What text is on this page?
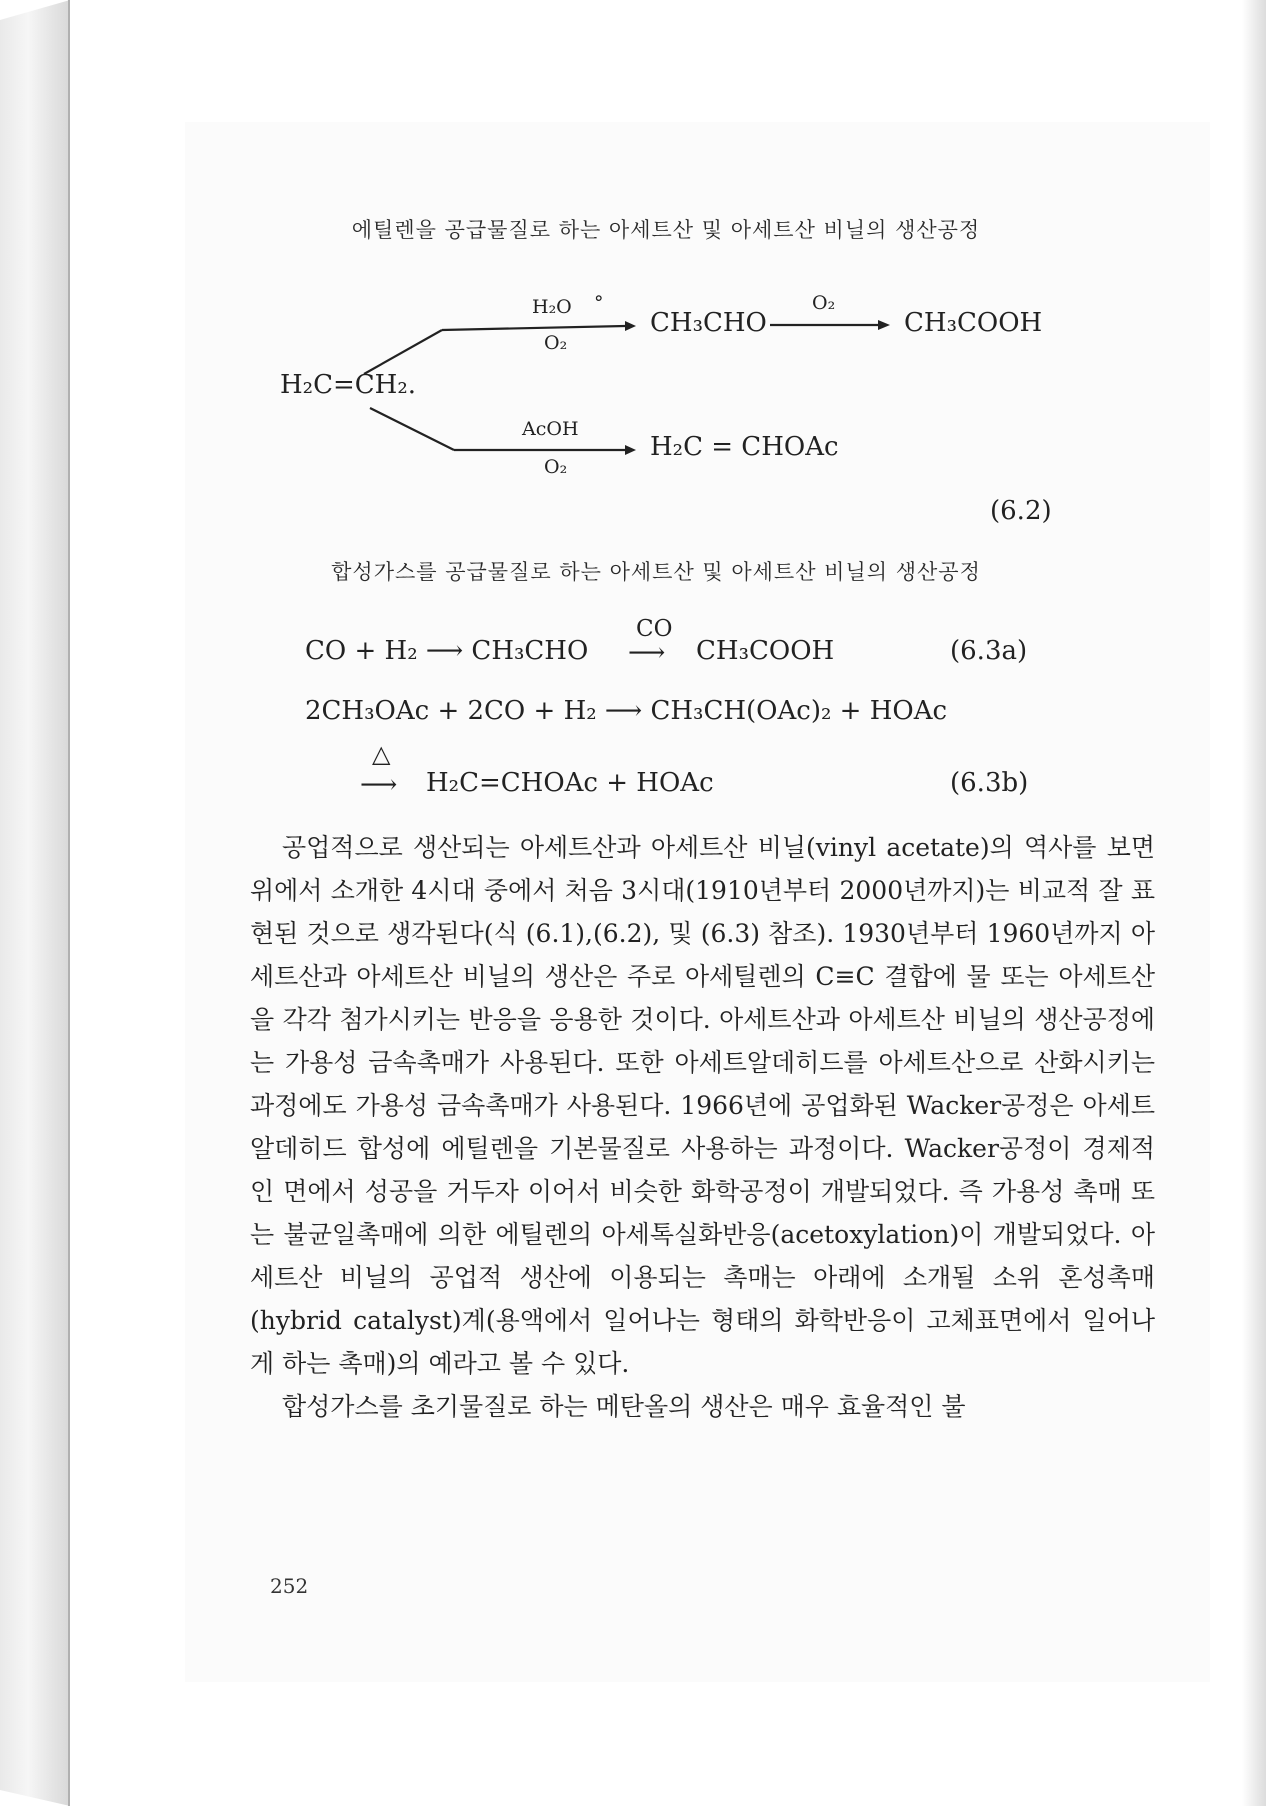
에틸렌을 공급물질로 하는 아세트산 및 아세트산 비닐의 생산공정
H₂C=CH₂.
H₂O °
O₂
CH₃CHO
O₂
CH₃COOH
AcOH
O₂
H₂C = CHOAc
(6.2)
합성가스를 공급물질로 하는 아세트산 및 아세트산 비닐의 생산공정
CO + H₂ ⟶ CH₃CHO
CO
⟶ CH₃COOH	(6.3a)
2CH₃OAc + 2CO + H₂ ⟶ CH₃CH(OAc)₂ + HOAc
△
⟶ H₂C=CHOAc + HOAc	(6.3b)

공업적으로 생산되는 아세트산과 아세트산 비닐(vinyl acetate)의 역사를 보면 위에서 소개한 4시대 중에서 처음 3시대(1910년부터 2000년까지)는 비교적 잘 표현된 것으로 생각된다(식 (6.1),(6.2), 및 (6.3) 참조). 1930년부터 1960년까지 아세트산과 아세트산 비닐의 생산은 주로 아세틸렌의 C≡C 결합에 물 또는 아세트산을 각각 첨가시키는 반응을 응용한 것이다. 아세트산과 아세트산 비닐의 생산공정에는 가용성 금속촉매가 사용된다. 또한 아세트알데히드를 아세트산으로 산화시키는 과정에도 가용성 금속촉매가 사용된다. 1966년에 공업화된 Wacker공정은 아세트알데히드 합성에 에틸렌을 기본물질로 사용하는 과정이다. Wacker공정이 경제적인 면에서 성공을 거두자 이어서 비슷한 화학공정이 개발되었다. 즉 가용성 촉매 또는 불균일촉매에 의한 에틸렌의 아세톡실화반응(acetoxylation)이 개발되었다. 아세트산 비닐의 공업적 생산에 이용되는 촉매는 아래에 소개될 소위 혼성촉매(hybrid catalyst)계(용액에서 일어나는 형태의 화학반응이 고체표면에서 일어나게 하는 촉매)의 예라고 볼 수 있다.

합성가스를 초기물질로 하는 메탄올의 생산은 매우 효율적인 불

252
